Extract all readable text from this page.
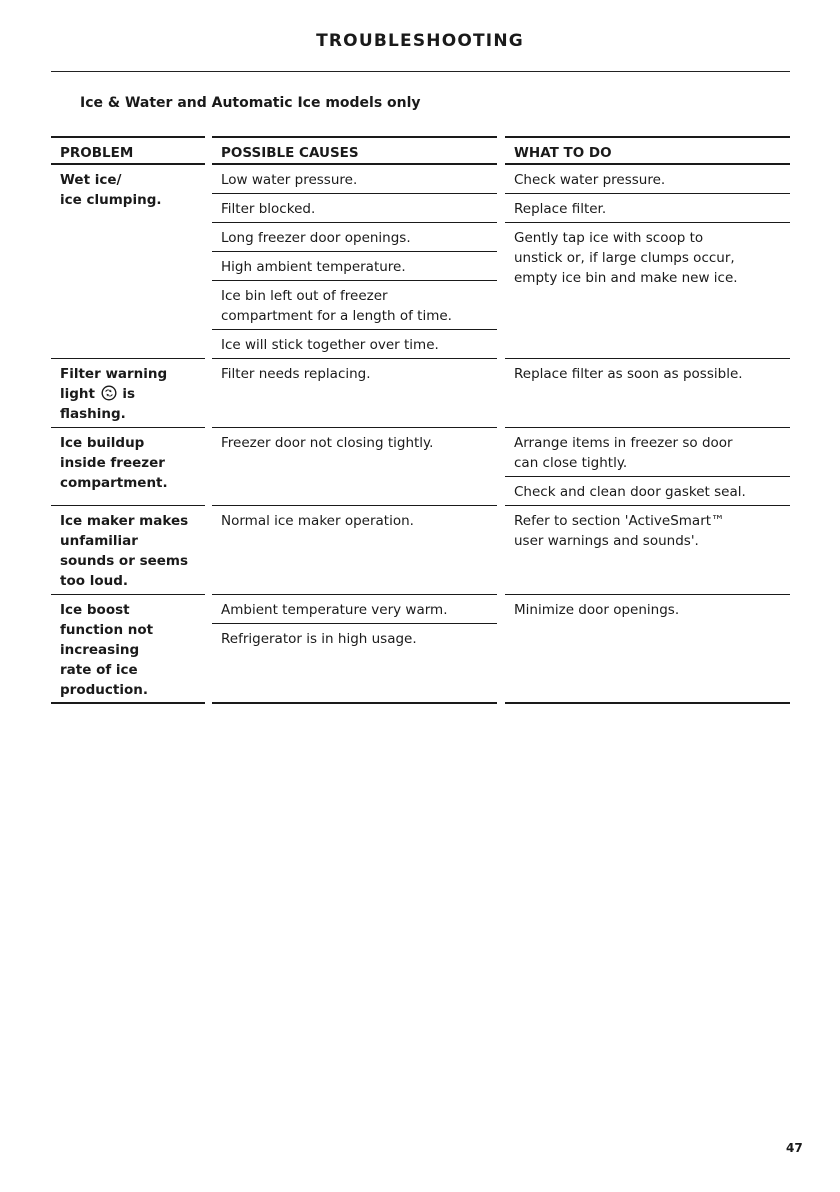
TROUBLESHOOTING
Ice & Water and Automatic Ice models only
PROBLEM
Wet ice/
ice clumping.
Filter warning
light is
flashing.
Ice buildup
inside freezer
compartment.
Ice maker makes
unfamiliar
sounds or seems
too loud.
Ice boost
function not
increasing
rate of ice
production.
POSSIBLE CAUSES
Low water pressure.
Filter blocked.
Long freezer door openings.
High ambient temperature.
Ice bin left out of freezer
compartment for a length of time.
Ice will stick together over time.
Filter needs replacing.
Freezer door not closing tightly.
Normal ice maker operation.
Ambient temperature very warm.
Refrigerator is in high usage.
WHAT TO DO
Check water pressure.
Replace filter.
Gently tap ice with scoop to
unstick or, if large clumps occur,
empty ice bin and make new ice.
Replace filter as soon as possible.
Arrange items in freezer so door
can close tightly.
Check and clean door gasket seal.
Refer to section 'ActiveSmart™
user warnings and sounds'.
Minimize door openings.
47
